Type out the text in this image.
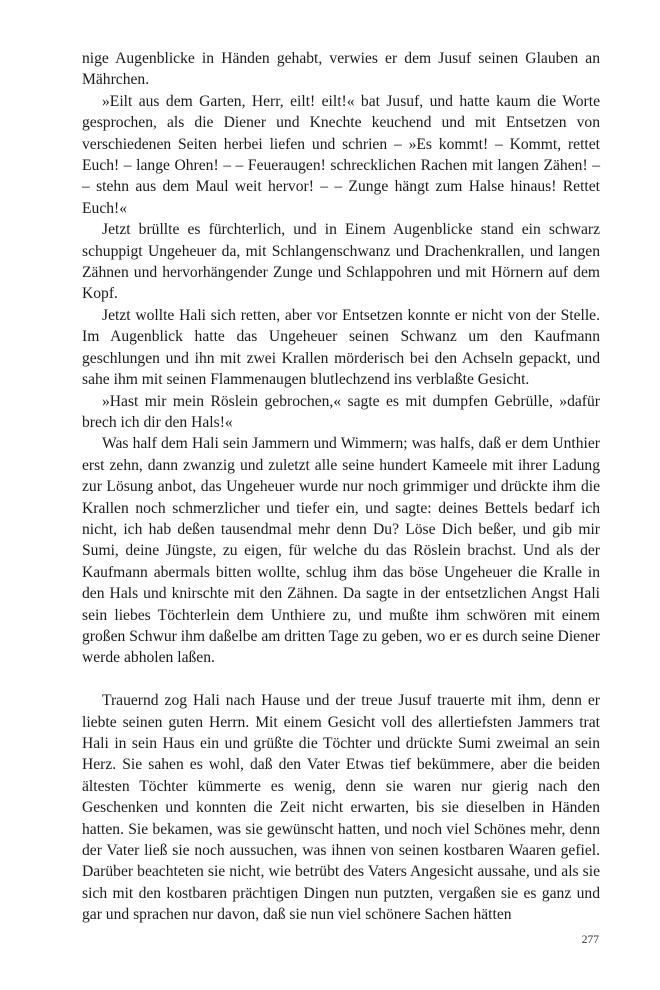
nige Augenblicke in Händen gehabt, verwies er dem Jusuf seinen Glauben an Mährchen.

»Eilt aus dem Garten, Herr, eilt! eilt!« bat Jusuf, und hatte kaum die Worte gesprochen, als die Diener und Knechte keuchend und mit Entsetzen von verschiedenen Seiten herbei liefen und schrien – »Es kommt! – Kommt, rettet Euch! – lange Ohren! – – Feueraugen! schrecklichen Rachen mit langen Zähen! – – stehn aus dem Maul weit hervor! – – Zunge hängt zum Halse hinaus! Rettet Euch!«

Jetzt brüllte es fürchterlich, und in Einem Augenblicke stand ein schwarz schuppigt Ungeheuer da, mit Schlangenschwanz und Drachenkrallen, und langen Zähnen und hervorhängender Zunge und Schlappohren und mit Hörnern auf dem Kopf.

Jetzt wollte Hali sich retten, aber vor Entsetzen konnte er nicht von der Stelle. Im Augenblick hatte das Ungeheuer seinen Schwanz um den Kaufmann geschlungen und ihn mit zwei Krallen mörderisch bei den Achseln gepackt, und sahe ihm mit seinen Flammenaugen blutlechzend ins verblaßte Gesicht.

»Hast mir mein Röslein gebrochen,« sagte es mit dumpfen Gebrülle, »dafür brech ich dir den Hals!«

Was half dem Hali sein Jammern und Wimmern; was halfs, daß er dem Unthier erst zehn, dann zwanzig und zuletzt alle seine hundert Kameele mit ihrer Ladung zur Lösung anbot, das Ungeheuer wurde nur noch grimmiger und drückte ihm die Krallen noch schmerzlicher und tiefer ein, und sagte: deines Bettels bedarf ich nicht, ich hab deßen tausendmal mehr denn Du? Löse Dich beßer, und gib mir Sumi, deine Jüngste, zu eigen, für welche du das Röslein brachst. Und als der Kaufmann abermals bitten wollte, schlug ihm das böse Ungeheuer die Kralle in den Hals und knirschte mit den Zähnen. Da sagte in der entsetzlichen Angst Hali sein liebes Töchterlein dem Unthiere zu, und mußte ihm schwören mit einem großen Schwur ihm daßelbe am dritten Tage zu geben, wo er es durch seine Diener werde abholen laßen.

Trauernd zog Hali nach Hause und der treue Jusuf trauerte mit ihm, denn er liebte seinen guten Herrn. Mit einem Gesicht voll des allertiefsten Jammers trat Hali in sein Haus ein und grüßte die Töchter und drückte Sumi zweimal an sein Herz. Sie sahen es wohl, daß den Vater Etwas tief bekümmere, aber die beiden ältesten Töchter kümmerte es wenig, denn sie waren nur gierig nach den Geschenken und konnten die Zeit nicht erwarten, bis sie dieselben in Händen hatten. Sie bekamen, was sie gewünscht hatten, und noch viel Schönes mehr, denn der Vater ließ sie noch aussuchen, was ihnen von seinen kostbaren Waaren gefiel. Darüber beachteten sie nicht, wie betrübt des Vaters Angesicht aussahe, und als sie sich mit den kostbaren prächtigen Dingen nun putzten, vergaßen sie es ganz und gar und sprachen nur davon, daß sie nun viel schönere Sachen hätten

277
